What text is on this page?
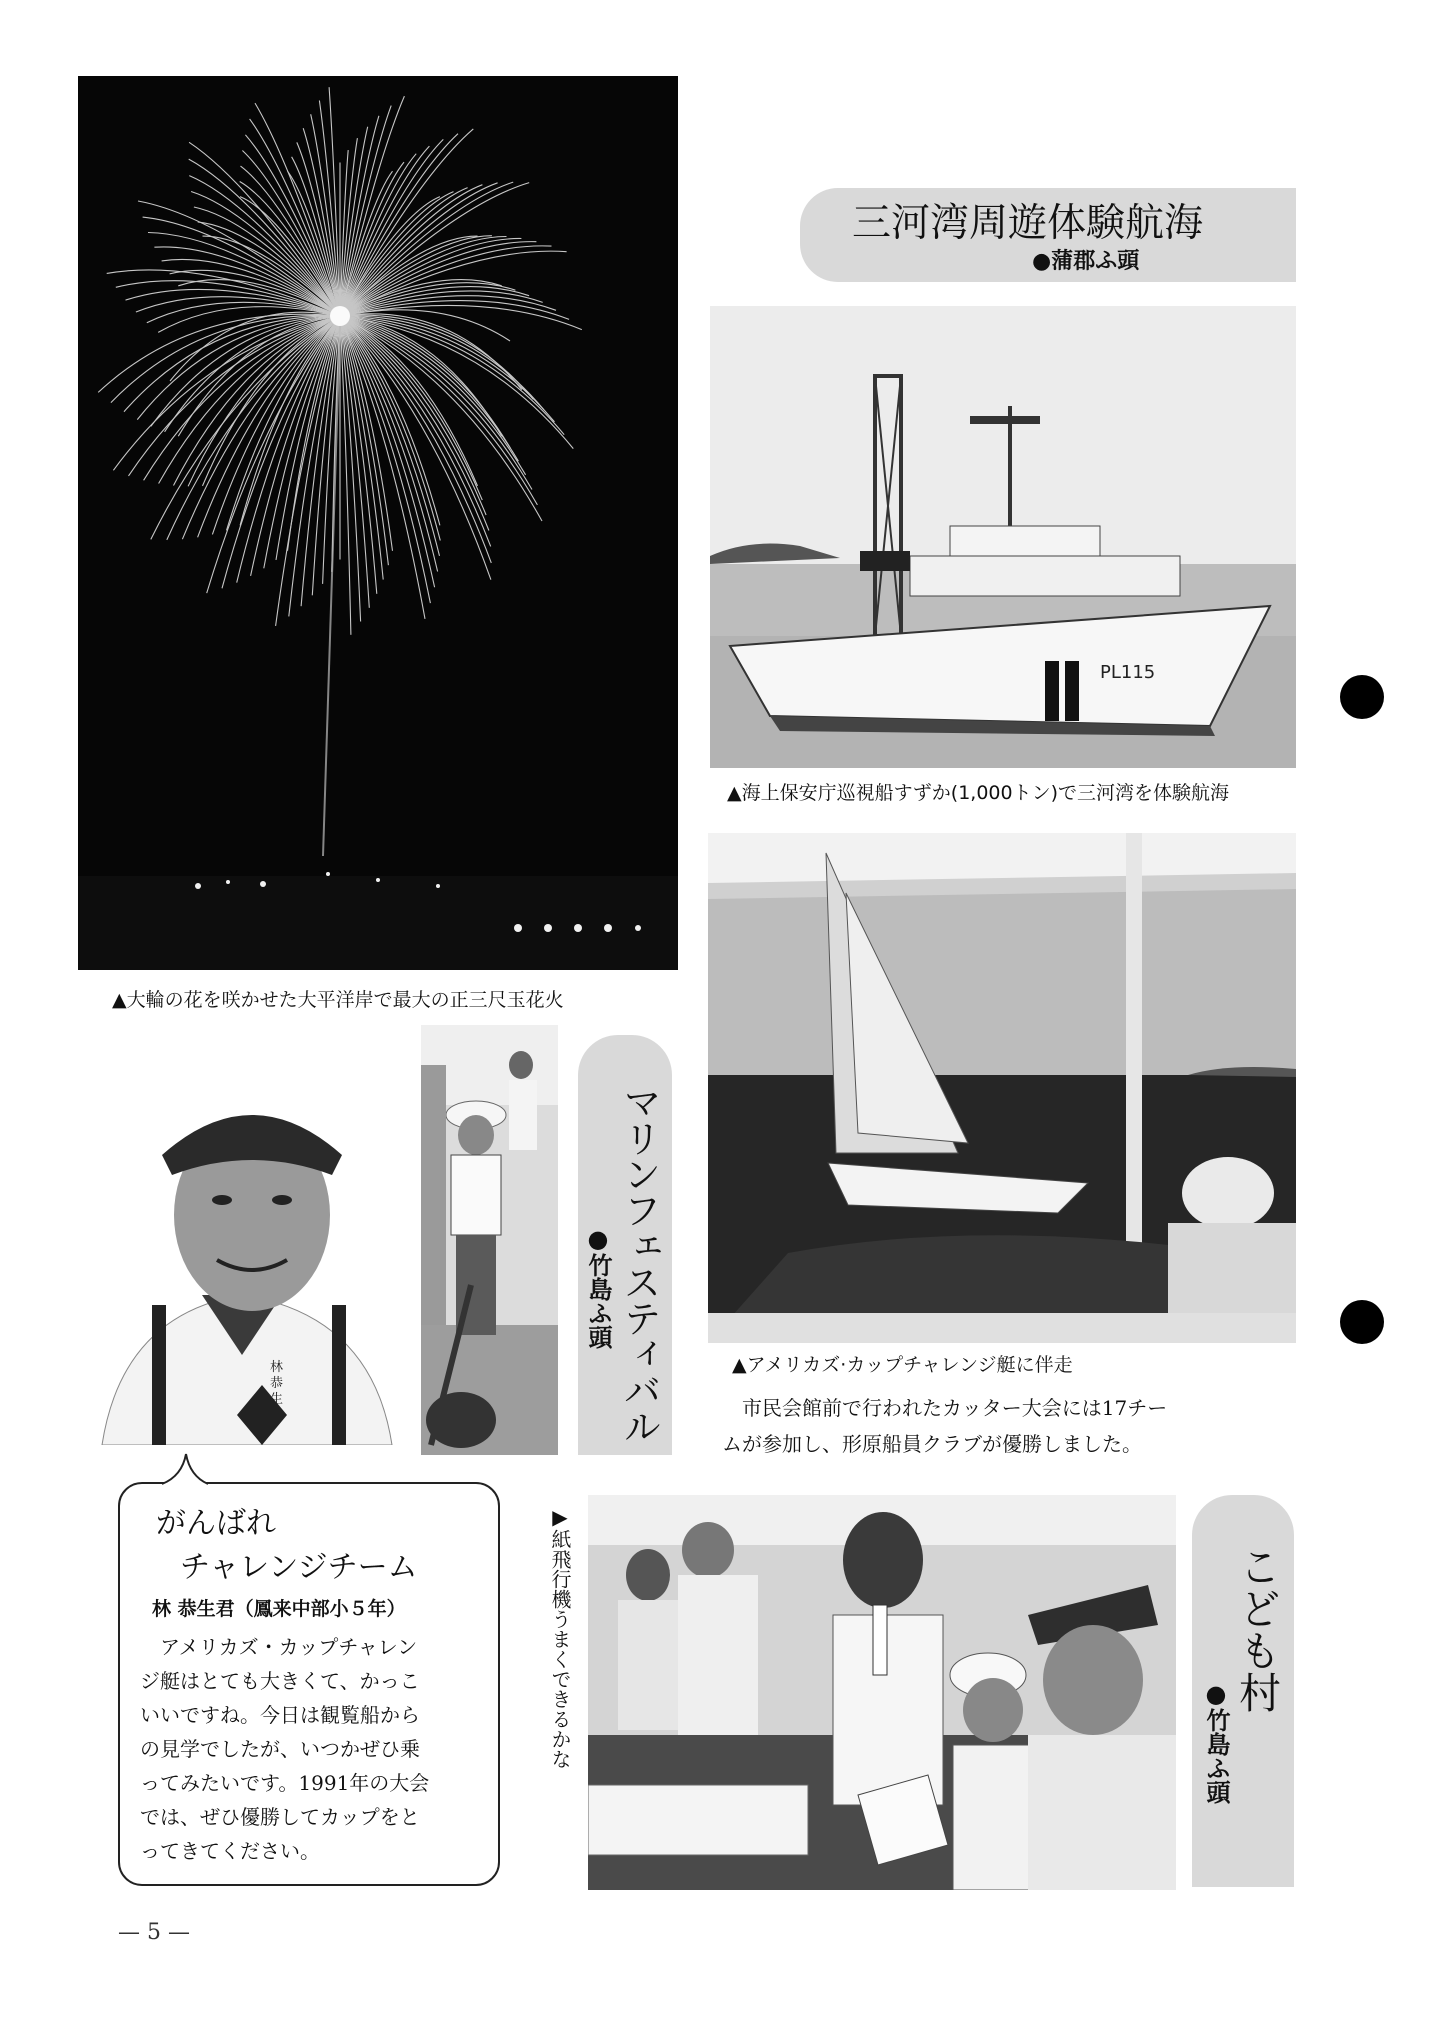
▲大輪の花を咲かせた大平洋岸で最大の正三尺玉花火
三河湾周遊体験航海
●蒲郡ふ頭
PL115
▲海上保安庁巡視船すずか(1,000トン)で三河湾を体験航海
▲アメリカズ·カップチャレンジ艇に伴走
市民会館前で行われたカッター大会には17チー
ムが参加し、形原船員クラブが優勝しました。
林恭生	マリンフェスティバル
●竹島ふ頭
がんばれ
チャレンジチーム
林 恭生君（鳳来中部小５年）
アメリカズ・カップチャレン
ジ艇はとても大きくて、かっこ
いいですね。今日は観覧船から
の見学でしたが、いつかぜひ乗
ってみたいです。1991年の大会
では、ぜひ優勝してカップをと
ってきてください。
▶紙飛行機うまくできるかな	こども村
●竹島ふ頭
— 5 —
